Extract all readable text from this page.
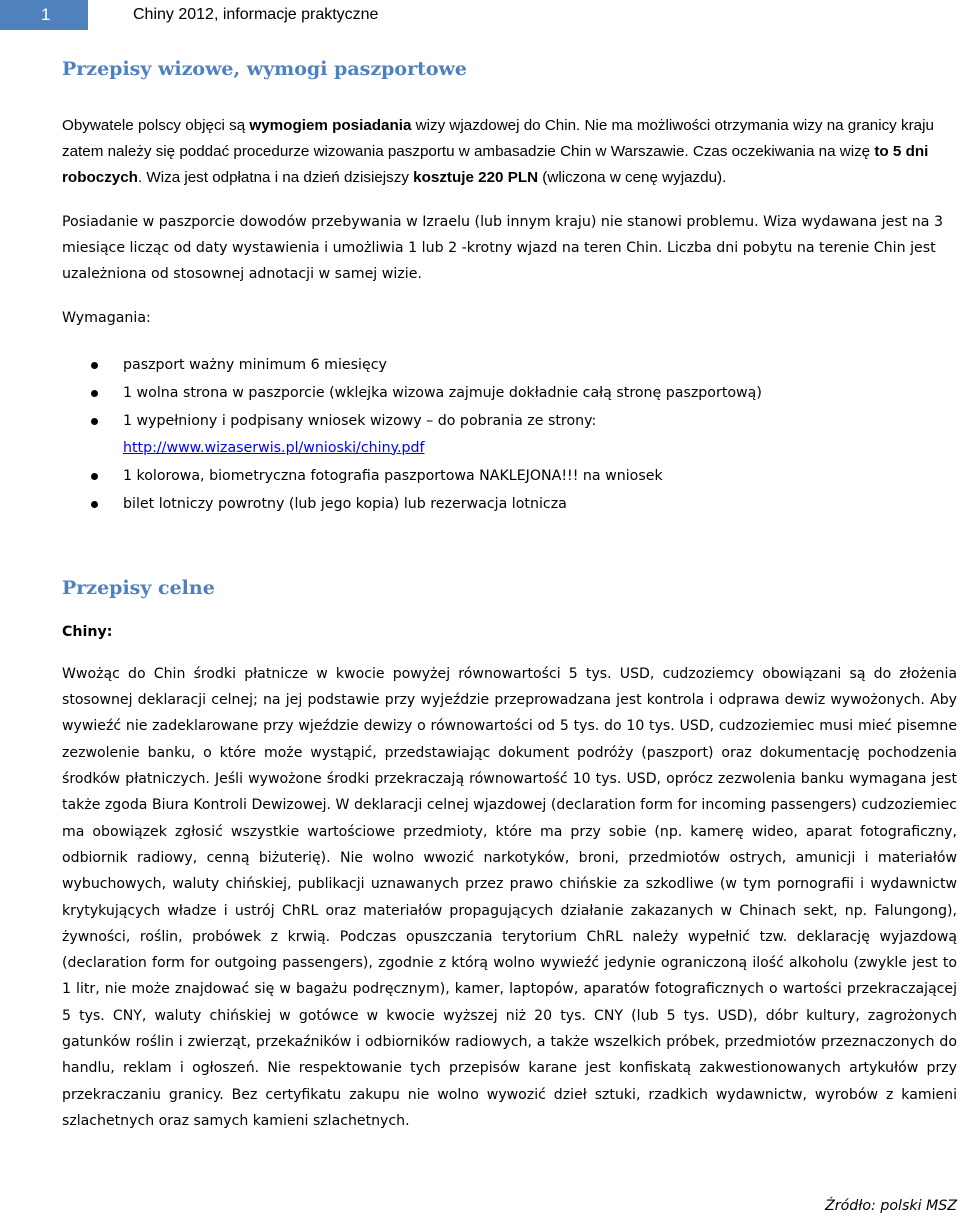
1	Chiny 2012, informacje praktyczne
Przepisy wizowe, wymogi paszportowe

Obywatele polscy objęci są wymogiem posiadania wizy wjazdowej do Chin. Nie ma możliwości otrzymania wizy na granicy kraju zatem należy się poddać procedurze wizowania paszportu w ambasadzie Chin w Warszawie. Czas oczekiwania na wizę to 5 dni roboczych. Wiza jest odpłatna i na dzień dzisiejszy kosztuje 220 PLN (wliczona w cenę wyjazdu).

Posiadanie w paszporcie dowodów przebywania w Izraelu (lub innym kraju) nie stanowi problemu. Wiza wydawana jest na 3 miesiące licząc od daty wystawienia i umożliwia 1 lub 2 -krotny wjazd na teren Chin. Liczba dni pobytu na terenie Chin jest uzależniona od stosownej adnotacji w samej wizie.

Wymagania:

paszport ważny minimum 6 miesięcy
1 wolna strona w paszporcie (wklejka wizowa zajmuje dokładnie całą stronę paszportową)
1 wypełniony i podpisany wniosek wizowy – do pobrania ze strony:
http://www.wizaserwis.pl/wnioski/chiny.pdf
1 kolorowa, biometryczna fotografia paszportowa NAKLEJONA!!! na wniosek
bilet lotniczy powrotny (lub jego kopia) lub rezerwacja lotnicza
Przepisy celne

Chiny:

Wwożąc do Chin środki płatnicze w kwocie powyżej równowartości 5 tys. USD, cudzoziemcy obowiązani są do złożenia stosownej deklaracji celnej; na jej podstawie przy wyjeździe przeprowadzana jest kontrola i odprawa dewiz wywożonych. Aby wywieźć nie zadeklarowane przy wjeździe dewizy o równowartości od 5 tys. do 10 tys. USD, cudzoziemiec musi mieć pisemne zezwolenie banku, o które może wystąpić, przedstawiając dokument podróży (paszport) oraz dokumentację pochodzenia środków płatniczych. Jeśli wywożone środki przekraczają równowartość 10 tys. USD, oprócz zezwolenia banku wymagana jest także zgoda Biura Kontroli Dewizowej. W deklaracji celnej wjazdowej (declaration form for incoming passengers) cudzoziemiec ma obowiązek zgłosić wszystkie wartościowe przedmioty, które ma przy sobie (np. kamerę wideo, aparat fotograficzny, odbiornik radiowy, cenną biżuterię). Nie wolno wwozić narkotyków, broni, przedmiotów ostrych, amunicji i materiałów wybuchowych, waluty chińskiej, publikacji uznawanych przez prawo chińskie za szkodliwe (w tym pornografii i wydawnictw krytykujących władze i ustrój ChRL oraz materiałów propagujących działanie zakazanych w Chinach sekt, np. Falungong), żywności, roślin, probówek z krwią. Podczas opuszczania terytorium ChRL należy wypełnić tzw. deklarację wyjazdową (declaration form for outgoing passengers), zgodnie z którą wolno wywieźć jedynie ograniczoną ilość alkoholu (zwykle jest to 1 litr, nie może znajdować się w bagażu podręcznym), kamer, laptopów, aparatów fotograficznych o wartości przekraczającej 5 tys. CNY, waluty chińskiej w gotówce w kwocie wyższej niż 20 tys. CNY (lub 5 tys. USD), dóbr kultury, zagrożonych gatunków roślin i zwierząt, przekaźników i odbiorników radiowych, a także wszelkich próbek, przedmiotów przeznaczonych do handlu, reklam i ogłoszeń. Nie respektowanie tych przepisów karane jest konfiskatą zakwestionowanych artykułów przy przekraczaniu granicy. Bez certyfikatu zakupu nie wolno wywozić dzieł sztuki, rzadkich wydawnictw, wyrobów z kamieni szlachetnych oraz samych kamieni szlachetnych.

Źródło: polski MSZ
